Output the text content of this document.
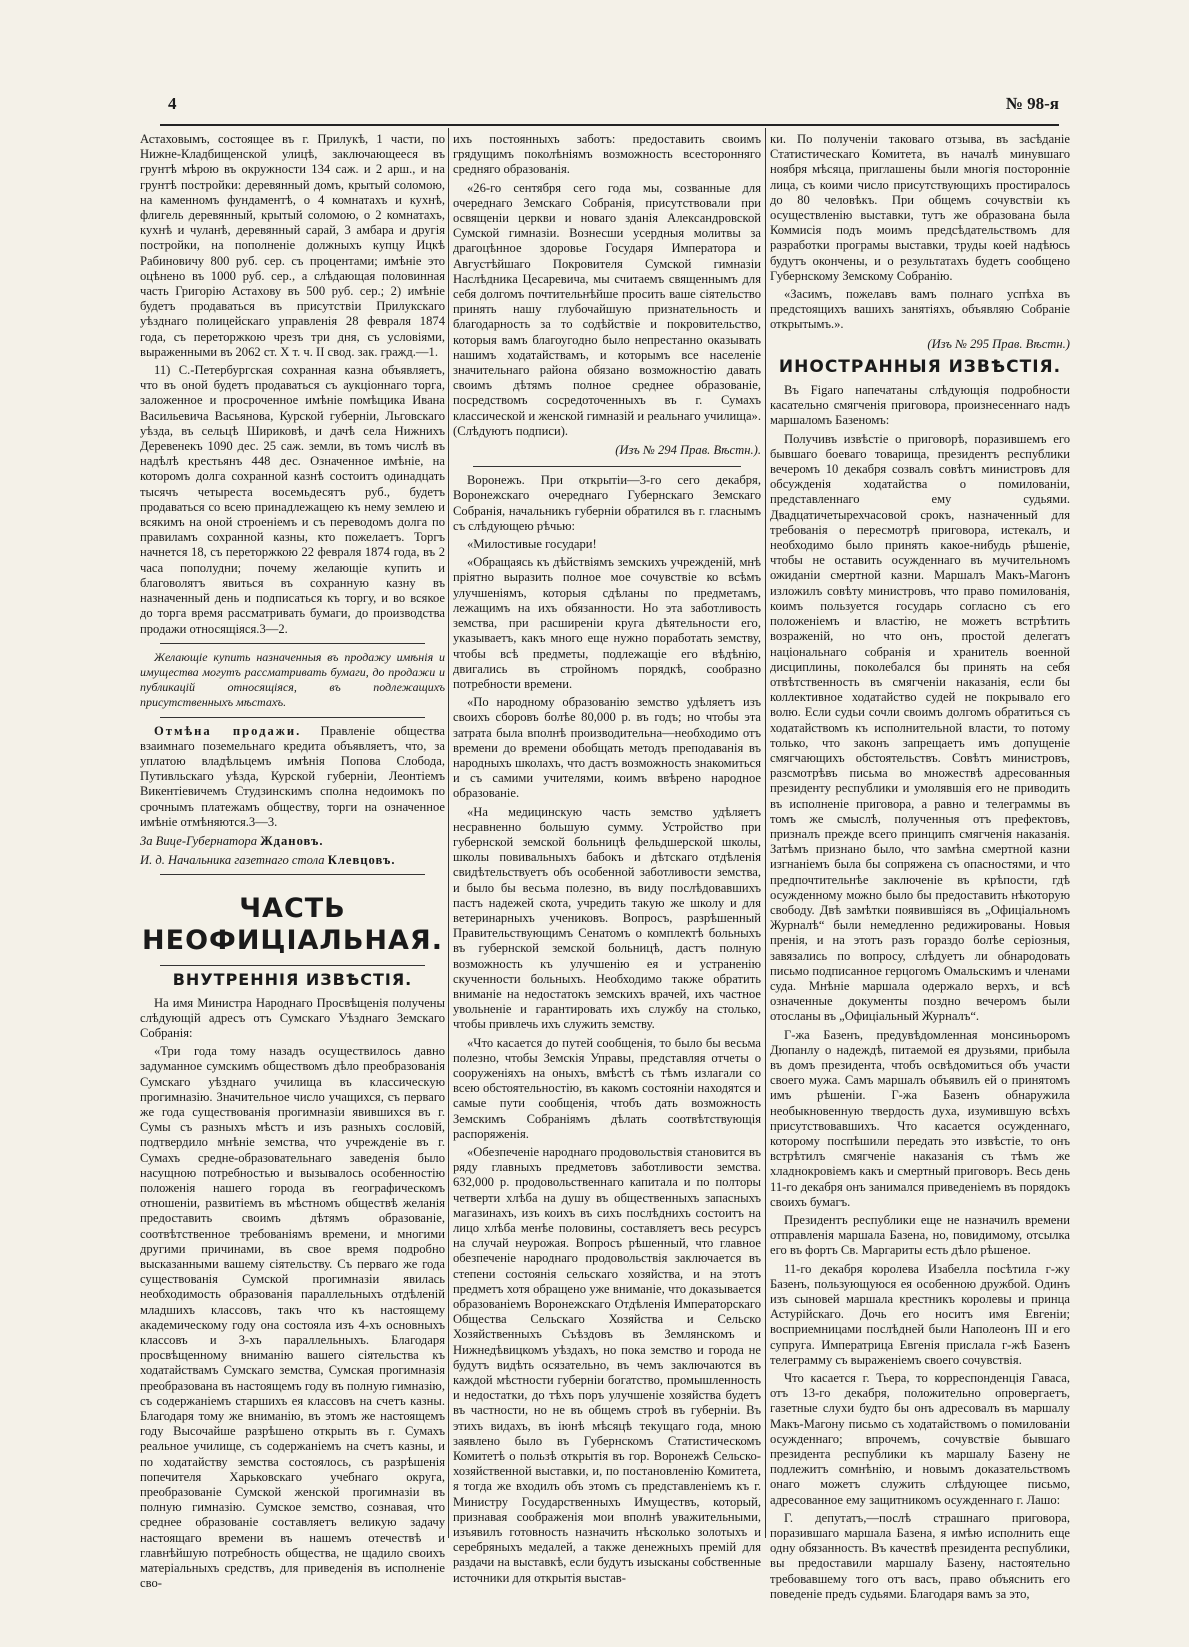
4	№ 98-я

Астаховымъ, состоящее въ г. Прилукѣ, 1 части, по Нижне-Кладбищенской улицѣ, заключающееся въ грунтѣ мѣрою въ окружности 134 саж. и 2 арш., и на грунтѣ постройки: деревянный домъ, крытый соломою, на каменномъ фундаментѣ, о 4 комнатахъ и кухнѣ, флигель деревянный, крытый соломою, о 2 комнатахъ, кухнѣ и чуланѣ, деревянный сарай, 3 амбара и другія постройки, на пополненіе должныхъ купцу Ицкѣ Рабиновичу 800 руб. сер. съ процентами; имѣніе это оцѣнено въ 1000 руб. сер., а слѣдающая половинная часть Григорію Астахову въ 500 руб. сер.; 2) имѣніе будетъ продаваться въ присутствіи Прилукскаго уѣзднаго полицейскаго управленія 28 февраля 1874 года, съ переторжкою чрезъ три дня, съ условіями, выраженными въ 2062 ст. Х т. ч. II свод. зак. гражд.—1.

11) С.-Петербургская сохранная казна объявляетъ, что въ оной будетъ продаваться съ аукціоннаго торга, заложенное и просроченное имѣніе помѣщика Ивана Васильевича Васьянова, Курской губерніи, Льговскаго уѣзда, въ сельцѣ Шириковѣ, и дачѣ села Нижнихъ Деревенекъ 1090 дес. 25 саж. земли, въ томъ числѣ въ надѣлѣ крестьянъ 448 дес. Означенное имѣніе, на которомъ долга сохранной казнѣ состоитъ одинадцать тысячъ четыреста восемьдесятъ руб., будетъ продаваться со всею принадлежащею къ нему землею и всякимъ на оной строеніемъ и съ переводомъ долга по правиламъ сохранной казны, кто пожелаетъ. Торгъ начнется 18, съ переторжкою 22 февраля 1874 года, въ 2 часа пополудни; почему желающіе купить и благоволятъ явиться въ сохранную казну въ назначенный день и подписаться къ торгу, и во всякое до торга время рассматривать бумаги, до производства продажи относящіяся.3—2.

Желающіе купить назначенныя въ продажу имѣнія и имущества могутъ рассматривать бумаги, до продажи и публикацій относящіяся, въ подлежащихъ присутственныхъ мѣстахъ.

Отмѣна продажи. Правленіе общества взаимнаго поземельнаго кредита объявляетъ, что, за уплатою владѣльцемъ имѣнія Попова Слобода, Путивльскаго уѣзда, Курской губерніи, Леонтіемъ Викентіевичемъ Студзинскимъ сполна недоимокъ по срочнымъ платежамъ обществу, торги на означенное имѣніе отмѣняются.3—3.

За Вице-Губернатора Ждановъ.
И. д. Начальника газетнаго стола Клевцовъ.
ЧАСТЬ НЕОФИЦІАЛЬНАЯ.
ВНУТРЕННІЯ ИЗВѢСТІЯ.

На имя Министра Народнаго Просвѣщенія получены слѣдующій адресъ отъ Сумскаго Уѣзднаго Земскаго Собранія:

«Три года тому назадъ осуществилось давно задуманное сумскимъ обществомъ дѣло преобразованія Сумскаго уѣзднаго училища въ классическую прогимназію. Значительное число учащихся, съ перваго же года существованія прогимназіи явившихся въ г. Сумы съ разныхъ мѣстъ и изъ разныхъ сословій, подтвердило мнѣніе земства, что учрежденіе въ г. Сумахъ средне-образовательнаго заведенія было насущною потребностью и вызывалось особенностію положенія нашего города въ географическомъ отношеніи, развитіемъ въ мѣстномъ обществѣ желанія предоставить своимъ дѣтямъ образованіе, соотвѣтственное требованіямъ времени, и многими другими причинами, въ свое время подробно высказанными вашему сіятельству. Съ перваго же года существованія Сумской прогимназіи явилась необходимость образованія параллельныхъ отдѣленій младшихъ классовъ, такъ что къ настоящему академическому году она состояла изъ 4-хъ основныхъ классовъ и 3-хъ параллельныхъ. Благодаря просвѣщенному вниманію вашего сіятельства къ ходатайствамъ Сумскаго земства, Сумская прогимназія преобразована въ настоящемъ году въ полную гимназію, съ содержаніемъ старшихъ ея классовъ на счетъ казны. Благодаря тому же вниманію, въ этомъ же настоящемъ году Высочайше разрѣшено открыть въ г. Сумахъ реальное училище, съ содержаніемъ на счетъ казны, и по ходатайству земства состоялось, съ разрѣшенія попечителя Харьковскаго учебнаго округа, преобразованіе Сумской женской прогимназіи въ полную гимназію. Сумское земство, сознавая, что среднее образованіе составляетъ великую задачу настоящаго времени въ нашемъ отечествѣ и главнѣйшую потребность общества, не щадило своихъ матеріальныхъ средствъ, для приведенія въ исполненіе сво-

ихъ постоянныхъ заботъ: предоставить своимъ грядущимъ поколѣніямъ возможность всесторонняго средняго образованія.

«26-го сентября сего года мы, созванные для очереднаго Земскаго Собранія, присутствовали при освященіи церкви и новаго зданія Александровской Сумской гимназіи. Вознесши усердныя молитвы за драгоцѣнное здоровье Государя Императора и Августѣйшаго Покровителя Сумской гимназіи Наслѣдника Цесаревича, мы считаемъ священнымъ для себя долгомъ почтительнѣйше просить ваше сіятельство принять нашу глубочайшую признательность и благодарность за то содѣйствіе и покровительство, которыя вамъ благоугодно было непрестанно оказывать нашимъ ходатайствамъ, и которымъ все населеніе значительнаго района обязано возможностію давать своимъ дѣтямъ полное среднее образованіе, посредствомъ сосредоточенныхъ въ г. Сумахъ классической и женской гимназій и реальнаго училища». (Слѣдуютъ подписи).

(Изъ № 294 Прав. Вѣстн.).

Воронежъ. При открытіи—3-го сего декабря, Воронежскаго очереднаго Губернскаго Земскаго Собранія, начальникъ губерніи обратился въ г. гласнымъ съ слѣдующею рѣчью:

«Милостивые государи!

«Обращаясь къ дѣйствіямъ земскихъ учрежденій, мнѣ пріятно выразить полное мое сочувствіе ко всѣмъ улучшеніямъ, которыя сдѣланы по предметамъ, лежащимъ на ихъ обязанности. Но эта заботливость земства, при расширеніи круга дѣятельности его, указываетъ, какъ много еще нужно поработать земству, чтобы всѣ предметы, подлежащіе его вѣдѣнію, двигались въ стройномъ порядкѣ, сообразно потребности времени.

«По народному образованію земство удѣляетъ изъ своихъ сборовъ болѣе 80,000 р. въ годъ; но чтобы эта затрата была вполнѣ производительна—необходимо отъ времени до времени обобщать методъ преподаванія въ народныхъ школахъ, что дастъ возможность знакомиться и съ самими учителями, коимъ ввѣрено народное образованіе.

«На медицинскую часть земство удѣляетъ несравненно большую сумму. Устройство при губернской земской больницѣ фельдшерской школы, школы повивальныхъ бабокъ и дѣтскаго отдѣленія свидѣтельствуетъ объ особенной заботливости земства, и было бы весьма полезно, въ виду послѣдовавшихъ пастъ надежей скота, учредить такую же школу и для ветеринарныхъ учениковъ. Вопросъ, разрѣшенный Правительствующимъ Сенатомъ о комплектѣ больныхъ въ губернской земской больницѣ, дастъ полную возможность къ улучшенію ея и устраненію скученности больныхъ. Необходимо также обратить вниманіе на недостатокъ земскихъ врачей, ихъ частное увольненіе и гарантировать ихъ службу на столько, чтобы привлечь ихъ служить земству.

«Что касается до путей сообщенія, то было бы весьма полезно, чтобы Земскія Управы, представляя отчеты о сооруженіяхъ на оныхъ, вмѣстѣ съ тѣмъ излагали со всею обстоятельностію, въ какомъ состояніи находятся и самые пути сообщенія, чтобъ дать возможность Земскимъ Собраніямъ дѣлать соотвѣтствующія распоряженія.

«Обезпеченіе народнаго продовольствія становится въ ряду главныхъ предметовъ заботливости земства. 632,000 р. продовольственнаго капитала и по полторы четверти хлѣба на душу въ общественныхъ запасныхъ магазинахъ, изъ коихъ въ сихъ послѣднихъ состоитъ на лицо хлѣба менѣе половины, составляетъ весь ресурсъ на случай неурожая. Вопросъ рѣшенный, что главное обезпеченіе народнаго продовольствія заключается въ степени состоянія сельскаго хозяйства, и на этотъ предметъ хотя обращено уже вниманіе, что доказывается образованіемъ Воронежскаго Отдѣленія Императорскаго Общества Сельскаго Хозяйства и Сельско Хозяйственныхъ Съѣздовъ въ Землянскомъ и Нижнедѣвицкомъ уѣздахъ, но пока земство и города не будутъ видѣть осязательно, въ чемъ заключаются въ каждой мѣстности губерніи богатство, промышленность и недостатки, до тѣхъ поръ улучшеніе хозяйства будетъ въ частности, но не въ общемъ строѣ въ губерніи. Въ этихъ видахъ, въ іюнѣ мѣсяцѣ текущаго года, мною заявлено было въ Губернскомъ Статистическомъ Комитетѣ о пользѣ открытія въ гор. Воронежѣ Сельско-хозяйственной выставки, и, по постановленію Комитета, я тогда же входилъ объ этомъ съ представленіемъ къ г. Министру Государственныхъ Имуществъ, который, признавая соображенія мои вполнѣ уважительными, изъявилъ готовность назначить нѣсколько золотыхъ и серебряныхъ медалей, а также денежныхъ премій для раздачи на выставкѣ, если будутъ изысканы собственные источники для открытія выстав-

ки. По полученіи таковаго отзыва, въ засѣданіе Статистическаго Комитета, въ началѣ минувшаго ноября мѣсяца, приглашены были многія посторонніе лица, съ коими число присутствующихъ простиралось до 80 человѣкъ. При общемъ сочувствіи къ осуществленію выставки, тутъ же образована была Коммисія подъ моимъ предсѣдательствомъ для разработки програмы выставки, труды коей надѣюсь будутъ окончены, и о результатахъ будетъ сообщено Губернскому Земскому Собранію.

«Засимъ, пожелавъ вамъ полнаго успѣха въ предстоящихъ вашихъ занятіяхъ, объявляю Собраніе открытымъ.».

(Изъ № 295 Прав. Вѣстн.)
ИНОСТРАННЫЯ ИЗВѢСТІЯ.

Въ Figaro напечатаны слѣдующія подробности касательно смягченія приговора, произнесеннаго надъ маршаломъ Базеномъ:

Получивъ извѣстіе о приговорѣ, поразившемъ его бывшаго боеваго товарища, президентъ республики вечеромъ 10 декабря созвалъ совѣтъ министровъ для обсужденія ходатайства о помилованіи, представленнаго ему судьями. Двадцатичетырехчасовой срокъ, назначенный для требованія о пересмотрѣ приговора, истекалъ, и необходимо было принять какое-нибудь рѣшеніе, чтобы не оставить осужденнаго въ мучительномъ ожиданіи смертной казни. Маршалъ Макъ-Магонъ изложилъ совѣту министровъ, что право помилованія, коимъ пользуется государь согласно съ его положеніемъ и властію, не можетъ встрѣтить возраженій, но что онъ, простой делегатъ національнаго собранія и хранитель военной дисциплины, поколебался бы принять на себя отвѣтственность въ смягченіи наказанія, если бы коллективное ходатайство судей не покрывало его волю. Если судьи сочли своимъ долгомъ обратиться съ ходатайствомъ къ исполнительной власти, то потому только, что законъ запрещаетъ имъ допущеніе смягчающихъ обстоятельствъ. Совѣтъ министровъ, разсмотрѣвъ письма во множествѣ адресованныя президенту республики и умолявшія его не приводить въ исполненіе приговора, а равно и телеграммы въ томъ же смыслѣ, полученныя отъ префектовъ, призналъ прежде всего принципъ смягченія наказанія. Затѣмъ признано было, что замѣна смертной казни изгнаніемъ была бы сопряжена съ опасностями, и что предпочтительнѣе заключеніе въ крѣпости, гдѣ осужденному можно было бы предоставить нѣкоторую свободу. Двѣ замѣтки появившіяся въ „Офиціальномъ Журналѣ“ были немедленно редижированы. Новыя пренія, и на этотъ разъ гораздо болѣе серіозныя, завязались по вопросу, слѣдуетъ ли обнародовать письмо подписанное герцогомъ Омальскимъ и членами суда. Мнѣніе маршала одержало верхъ, и всѣ означенные документы поздно вечеромъ были отосланы въ „Офиціальный Журналъ“.

Г-жа Базенъ, предувѣдомленная монсиньоромъ Дюпанлу о надеждѣ, питаемой ея друзьями, прибыла въ домъ президента, чтобъ освѣдомиться объ участи своего мужа. Самъ маршалъ объявилъ ей о принятомъ имъ рѣшеніи. Г-жа Базенъ обнаружила необыкновенную твердость духа, изумившую всѣхъ присутствовавшихъ. Что касается осужденнаго, которому поспѣшили передать это извѣстіе, то онъ встрѣтилъ смягченіе наказанія съ тѣмъ же хладнокровіемъ какъ и смертный приговоръ. Весь день 11-го декабря онъ занимался приведеніемъ въ порядокъ своихъ бумагъ.

Президентъ республики еще не назначилъ времени отправленія маршала Базена, но, повидимому, отсылка его въ фортъ Св. Маргариты есть дѣло рѣшеное.

11-го декабря королева Изабелла посѣтила г-жу Базенъ, пользующуюся ея особенною дружбой. Одинъ изъ сыновей маршала крестникъ королевы и принца Астурійскаго. Дочь его носитъ имя Евгеніи; восприемницами послѣдней были Наполеонъ III и его супруга. Императрица Евгенія прислала г-жѣ Базенъ телеграмму съ выраженіемъ своего сочувствія.

Что касается г. Тьера, то корреспонденція Гаваса, отъ 13-го декабря, положительно опровергаетъ, газетные слухи будто бы онъ адресовалъ въ маршалу Макъ-Магону письмо съ ходатайствомъ о помилованіи осужденнаго; впрочемъ, сочувствіе бывшаго президента республики къ маршалу Базену не подлежитъ сомнѣнію, и новымъ доказательствомъ онаго можетъ служить слѣдующее письмо, адресованное ему защитникомъ осужденнаго г. Лашо:

Г. депутатъ,—послѣ страшнаго приговора, поразившаго маршала Базена, я имѣю исполнить еще одну обязанность. Въ качествѣ президента республики, вы предоставили маршалу Базену, настоятельно требовавшему того отъ васъ, право объяснить его поведеніе предъ судьями. Благодаря вамъ за это,
